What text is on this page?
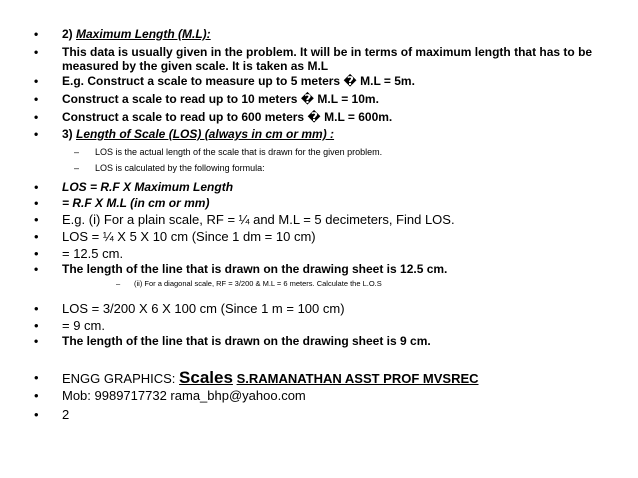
• 2) Maximum Length (M.L):
• This data is usually given in the problem. It will be in terms of maximum length that has to be measured by the given scale. It is taken as M.L
• E.g. Construct a scale to measure up to 5 meters � M.L = 5m.
• Construct a scale to read up to 10 meters � M.L = 10m.
• Construct a scale to read up to 600 meters � M.L = 600m.
• 3) Length of Scale (LOS) (always in cm or mm) :
– LOS is the actual length of the scale that is drawn for the given problem.
– LOS is calculated by the following formula:
• LOS = R.F X Maximum Length
• = R.F X M.L (in cm or mm)
• E.g. (i) For a plain scale, RF = ¼ and M.L = 5 decimeters, Find LOS.
• LOS = ¼ X 5 X 10 cm (Since 1 dm = 10 cm)
• = 12.5 cm.
• The length of the line that is drawn on the drawing sheet is 12.5 cm.
– (ii) For a diagonal scale, RF = 3/200 & M.L = 6 meters. Calculate the L.O.S
• LOS = 3/200 X 6 X 100 cm (Since 1 m = 100 cm)
• = 9 cm.
• The length of the line that is drawn on the drawing sheet is 9 cm.
• ENGG GRAPHICS: Scales S.RAMANATHAN ASST PROF MVSREC
• Mob: 9989717732 rama_bhp@yahoo.com
• 2
